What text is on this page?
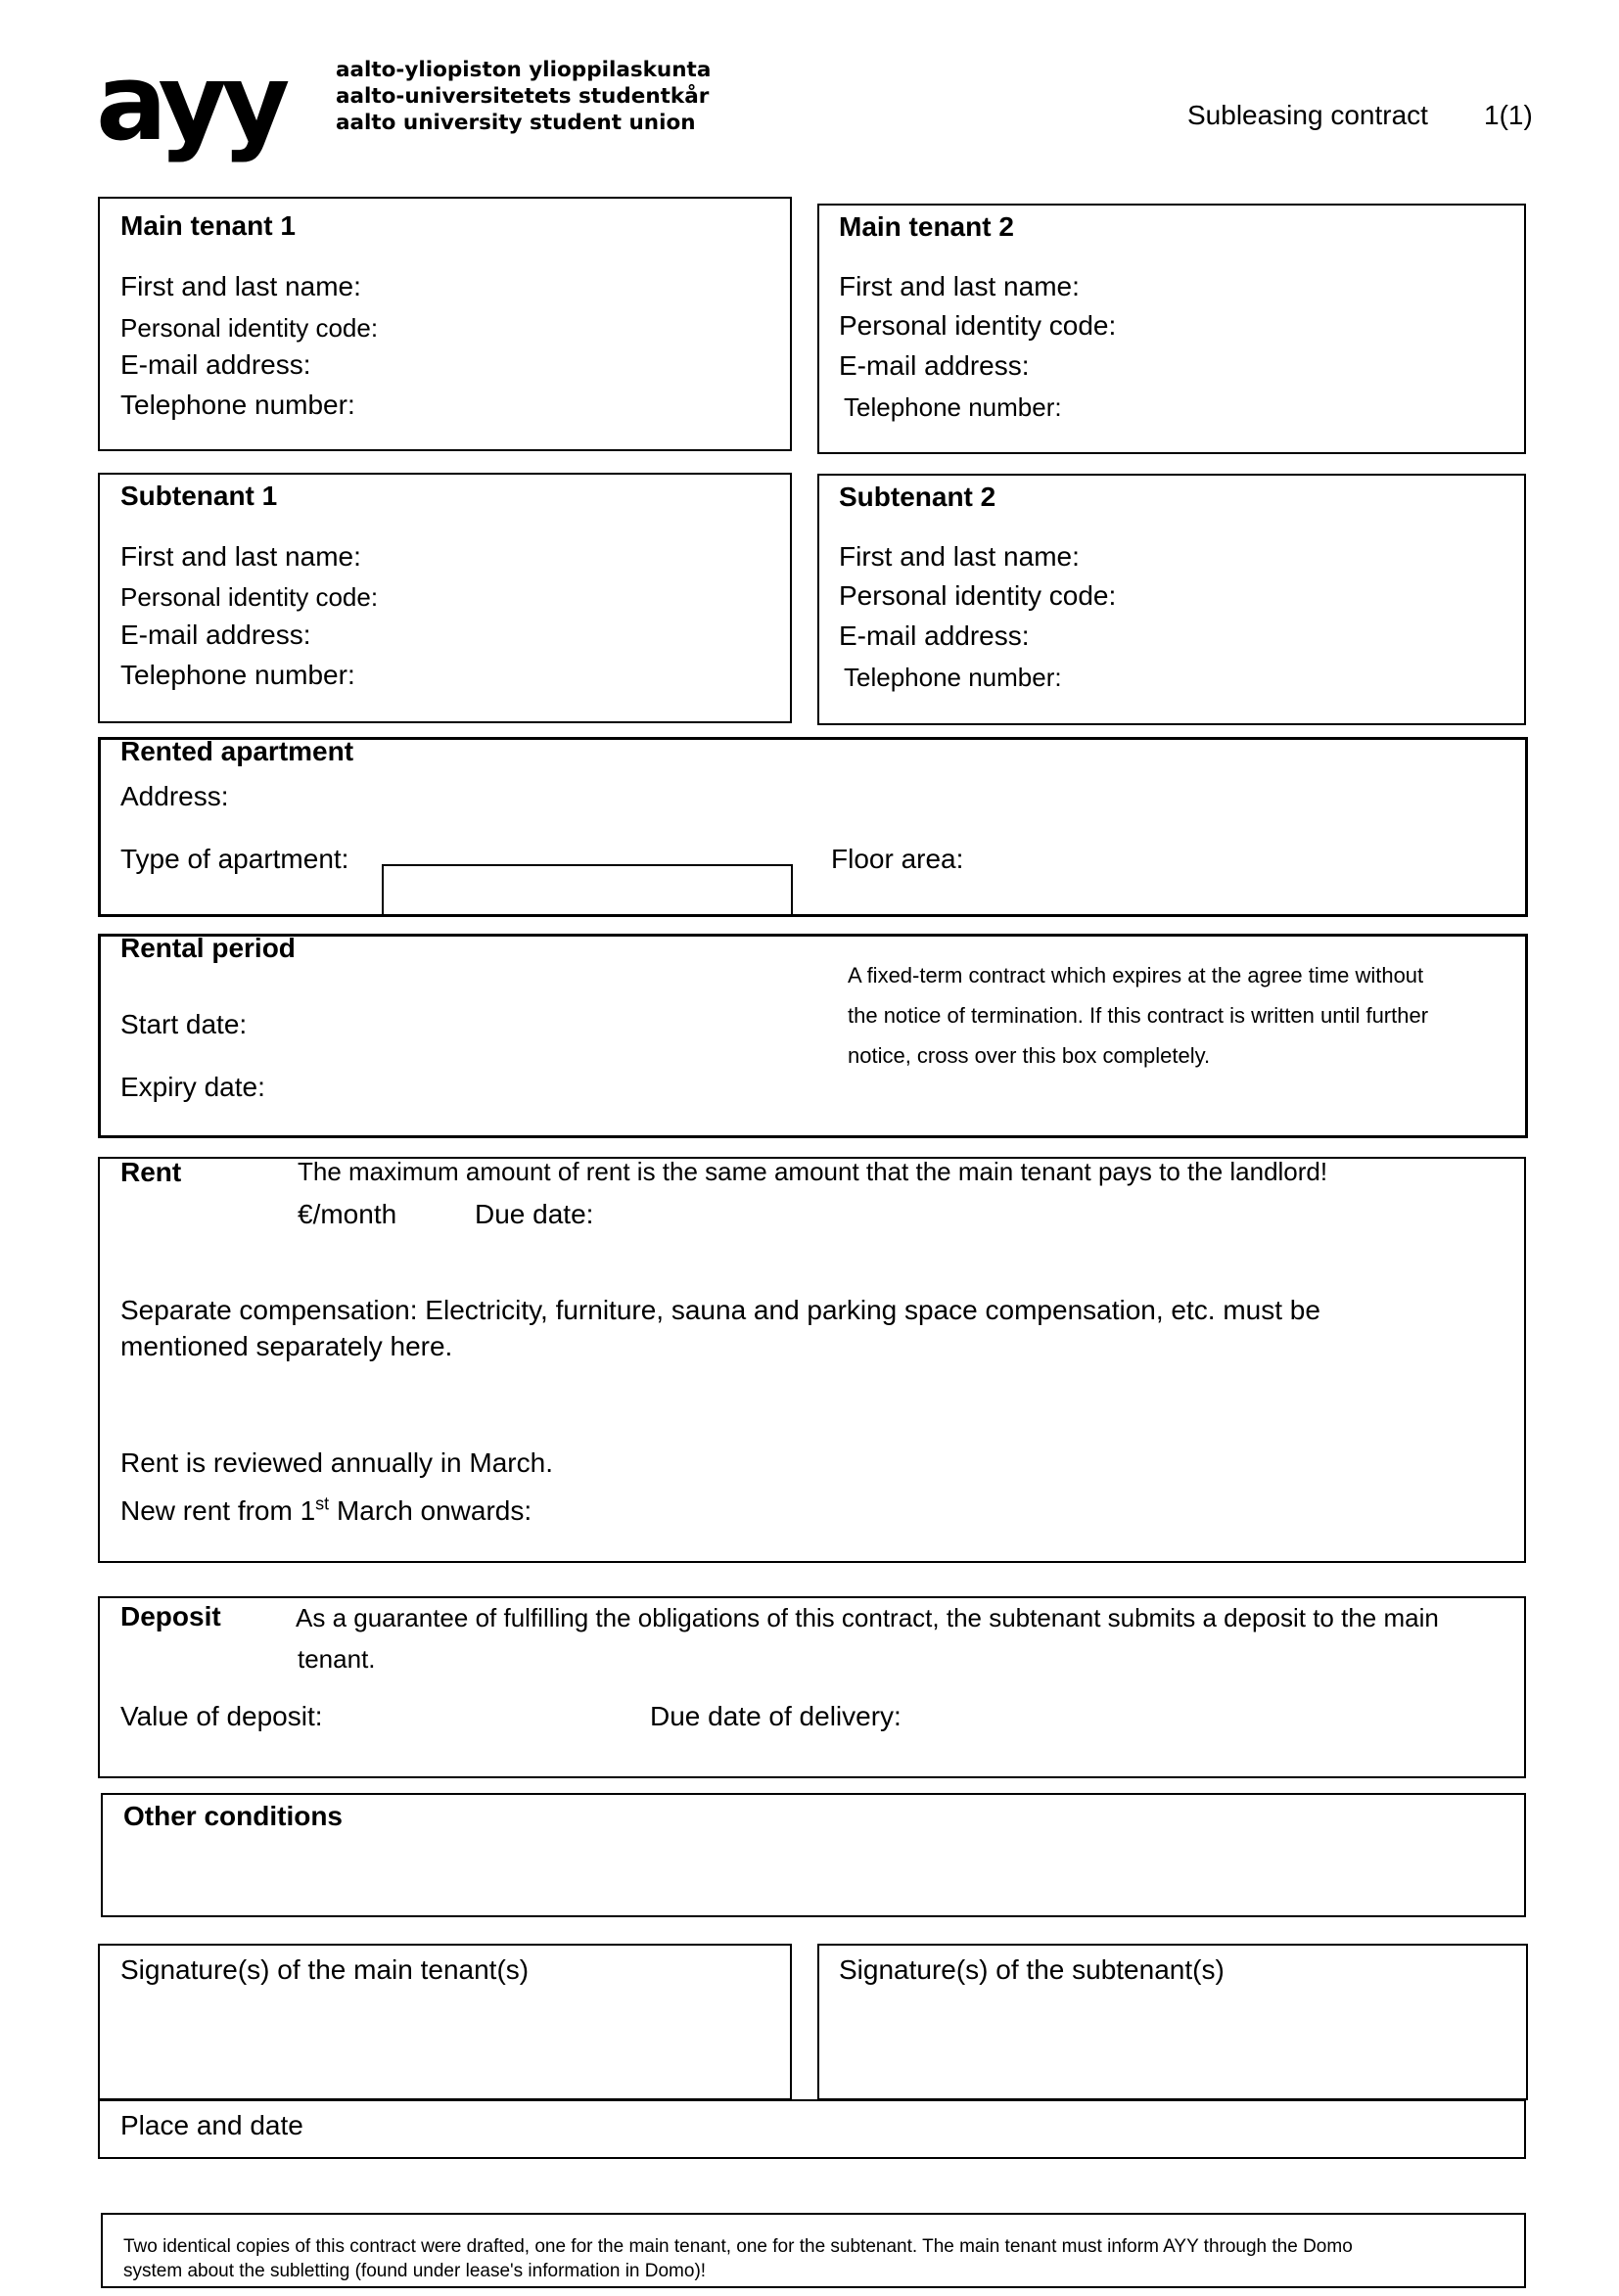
ayy aalto-yliopiston ylioppilaskunta
aalto-universitetets studentkår
aalto university student union	Subleasing contract 1(1)
Main tenant 1
First and last name:
Personal identity code:
E-mail address:
Telephone number:
Main tenant 2
First and last name:
Personal identity code:
E-mail address:
Telephone number:
Subtenant 1
First and last name:
Personal identity code:
E-mail address:
Telephone number:
Subtenant 2
First and last name:
Personal identity code:
E-mail address:
Telephone number:
Rented apartment
Address:
Type of apartment:	Floor area:
Rental period
Start date:
Expiry date:
A fixed-term contract which expires at the agree time without
the notice of termination. If this contract is written until further
notice, cross over this box completely.
Rent	The maximum amount of rent is the same amount that the main tenant pays to the landlord!
€/month	Due date:
Separate compensation: Electricity, furniture, sauna and parking space compensation, etc. must be
mentioned separately here.
Rent is reviewed annually in March.
New rent from 1st March onwards:
Deposit	As a guarantee of fulfilling the obligations of this contract, the subtenant submits a deposit to the main
tenant.
Value of deposit:	Due date of delivery:
Other conditions
Signature(s) of the main tenant(s)	Signature(s) of the subtenant(s)
Place and date
Two identical copies of this contract were drafted, one for the main tenant, one for the subtenant. The main tenant must inform AYY through the Domo
system about the subletting (found under lease's information in Domo)!
